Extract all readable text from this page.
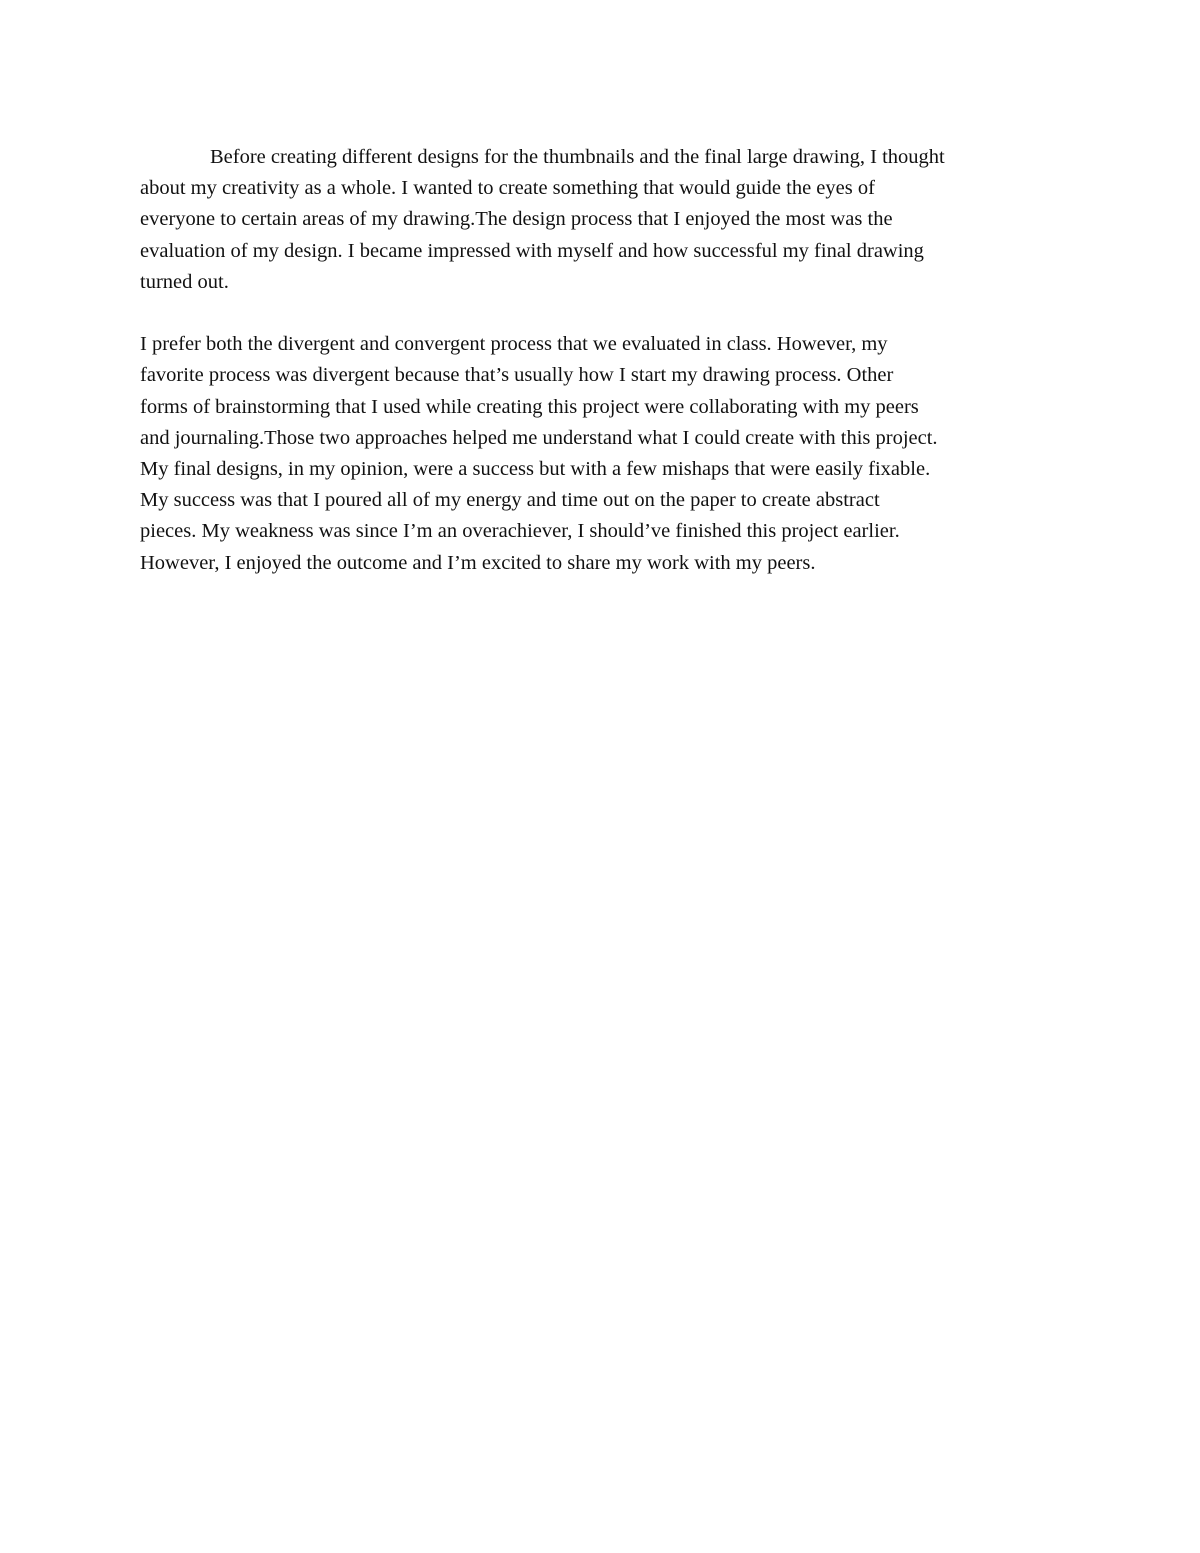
Before creating different designs for the thumbnails and the final large drawing, I thought
about my creativity as a whole. I wanted to create something that would guide the eyes of
everyone to certain areas of my drawing.The design process that I enjoyed the most was the
evaluation of my design. I became impressed with myself and how successful my final drawing
turned out.
I prefer both the divergent and convergent process that we evaluated in class. However, my
favorite process was divergent because that’s usually how I start my drawing process. Other
forms of brainstorming that I used while creating this project were collaborating with my peers
and journaling.Those two approaches helped me understand what I could create with this project.
My final designs, in my opinion, were a success but with a few mishaps that were easily fixable.
My success was that I poured all of my energy and time out on the paper to create abstract
pieces. My weakness was since I’m an overachiever, I should’ve finished this project earlier.
However, I enjoyed the outcome and I’m excited to share my work with my peers.
